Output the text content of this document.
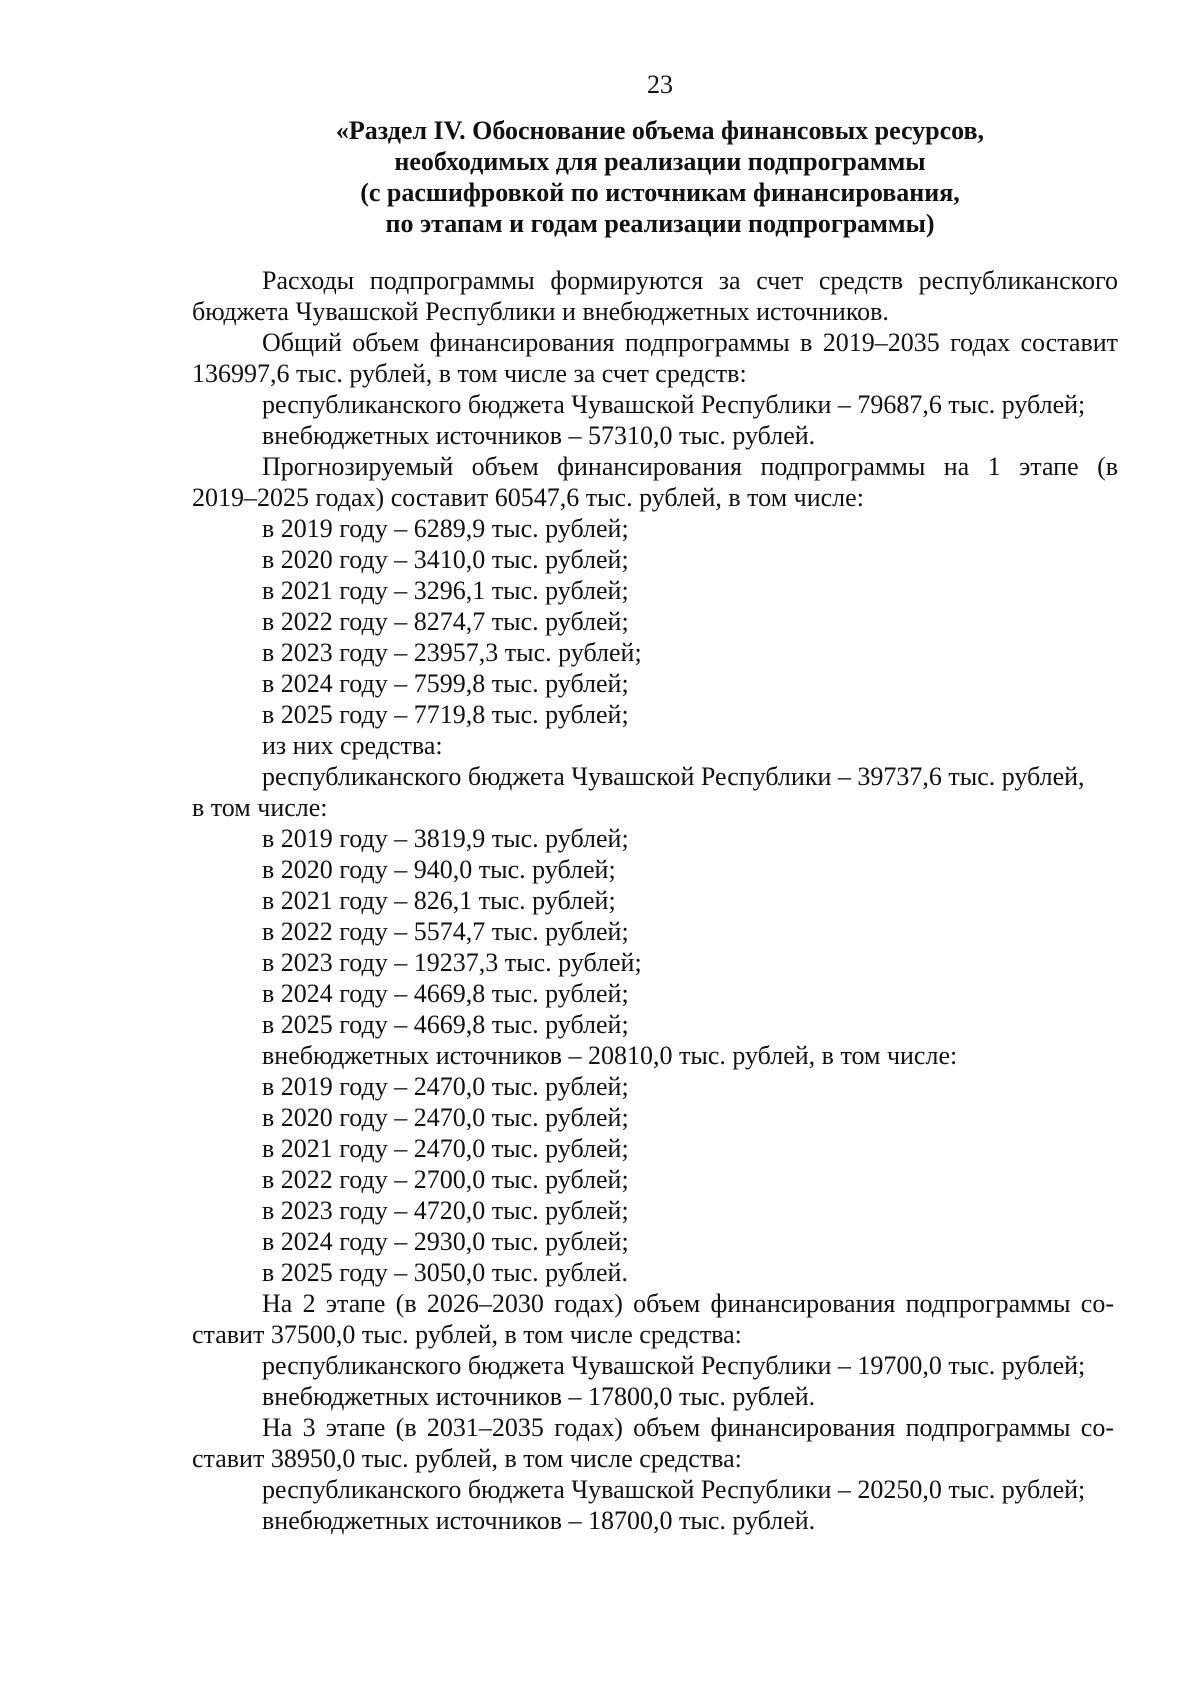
23
«Раздел IV. Обоснование объема финансовых ресурсов,
необходимых для реализации подпрограммы
(с расшифровкой по источникам финансирования,
по этапам и годам реализации подпрограммы)
Расходы подпрограммы формируются за счет средств республиканского
бюджета Чувашской Республики и внебюджетных источников.
Общий объем финансирования подпрограммы в 2019–2035 годах составит
136997,6 тыс. рублей, в том числе за счет средств:
республиканского бюджета Чувашской Республики – 79687,6 тыс. рублей;
внебюджетных источников – 57310,0 тыс. рублей.
Прогнозируемый объем финансирования подпрограммы на 1 этапе (в
2019–2025 годах) составит 60547,6 тыс. рублей, в том числе:
в 2019 году – 6289,9 тыс. рублей;
в 2020 году – 3410,0 тыс. рублей;
в 2021 году – 3296,1 тыс. рублей;
в 2022 году – 8274,7 тыс. рублей;
в 2023 году – 23957,3 тыс. рублей;
в 2024 году – 7599,8 тыс. рублей;
в 2025 году – 7719,8 тыс. рублей;
из них средства:
республиканского бюджета Чувашской Республики – 39737,6 тыс. рублей,
в том числе:
в 2019 году – 3819,9 тыс. рублей;
в 2020 году – 940,0 тыс. рублей;
в 2021 году – 826,1 тыс. рублей;
в 2022 году – 5574,7 тыс. рублей;
в 2023 году – 19237,3 тыс. рублей;
в 2024 году – 4669,8 тыс. рублей;
в 2025 году – 4669,8 тыс. рублей;
внебюджетных источников – 20810,0 тыс. рублей, в том числе:
в 2019 году – 2470,0 тыс. рублей;
в 2020 году – 2470,0 тыс. рублей;
в 2021 году – 2470,0 тыс. рублей;
в 2022 году – 2700,0 тыс. рублей;
в 2023 году – 4720,0 тыс. рублей;
в 2024 году – 2930,0 тыс. рублей;
в 2025 году – 3050,0 тыс. рублей.
На 2 этапе (в 2026–2030 годах) объем финансирования подпрограммы со-
ставит 37500,0 тыс. рублей, в том числе средства:
республиканского бюджета Чувашской Республики – 19700,0 тыс. рублей;
внебюджетных источников – 17800,0 тыс. рублей.
На 3 этапе (в 2031–2035 годах) объем финансирования подпрограммы со-
ставит 38950,0 тыс. рублей, в том числе средства:
республиканского бюджета Чувашской Республики – 20250,0 тыс. рублей;
внебюджетных источников – 18700,0 тыс. рублей.
